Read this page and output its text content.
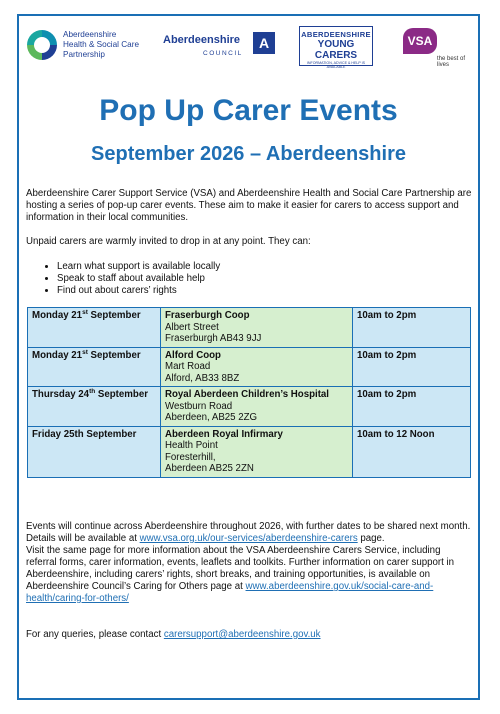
Aberdeenshire
Health & Social Care
Partnership
Aberdeenshire
COUNCIL
A
ABERDEENSHIRE
YOUNG CARERS
INFORMATION, ADVICE & HELP IS AVAILABLE
VSA
the best of lives
Pop Up Carer Events
September 2026 – Aberdeenshire
Aberdeenshire Carer Support Service (VSA) and Aberdeenshire Health and Social Care Partnership are hosting a series of pop-up carer events. These aim to make it easier for carers to access support and information in their local communities.
Unpaid carers are warmly invited to drop in at any point. They can:
• Learn what support is available locally
• Speak to staff about available help
• Find out about carers’ rights
Monday 21st September	Fraserburgh Coop
Albert Street
Fraserburgh AB43 9JJ	10am to 2pm
Monday 21st September	Alford Coop
Mart Road
Alford, AB33 8BZ	10am to 2pm
Thursday 24th September	Royal Aberdeen Children’s Hospital
Westburn Road
Aberdeen, AB25 2ZG	10am to 2pm
Friday 25th September	Aberdeen Royal Infirmary
Health Point
Foresterhill,
Aberdeen AB25 2ZN	10am to 12 Noon
Events will continue across Aberdeenshire throughout 2026, with further dates to be shared next month. Details will be available at www.vsa.org.uk/our-services/aberdeenshire-carers page.
Visit the same page for more information about the VSA Aberdeenshire Carers Service, including referral forms, carer information, events, leaflets and toolkits. Further information on carer support in Aberdeenshire, including carers’ rights, short breaks, and training opportunities, is available on Aberdeenshire Council’s Caring for Others page at www.aberdeenshire.gov.uk/social-care-and-health/caring-for-others/
For any queries, please contact carersupport@aberdeenshire.gov.uk
